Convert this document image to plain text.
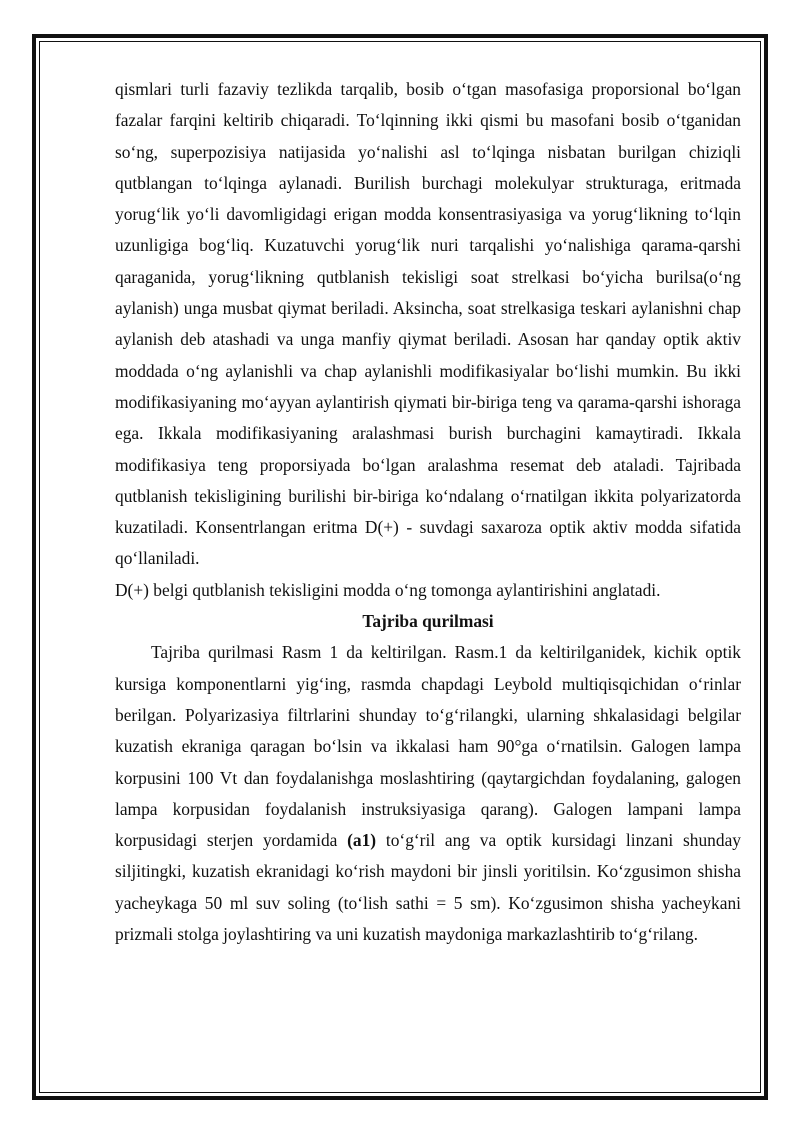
qismlari turli fazaviy tezlikda tarqalib, bosib o‘tgan masofasiga proporsional bo‘lgan fazalar farqini keltirib chiqaradi. To‘lqinning ikki qismi bu masofani bosib o‘tganidan so‘ng, superpozisiya natijasida yo‘nalishi asl to‘lqinga nisbatan burilgan chiziqli qutblangan to‘lqinga aylanadi. Burilish burchagi molekulyar strukturaga, eritmada yorug‘lik yo‘li davomligidagi erigan modda konsentrasiyasiga va yorug‘likning to‘lqin uzunligiga bog‘liq. Kuzatuvchi yorug‘lik nuri tarqalishi yo‘nalishiga qarama-qarshi qaraganida, yorug‘likning qutblanish tekisligi soat strelkasi bo‘yicha burilsa(o‘ng aylanish) unga musbat qiymat beriladi. Aksincha, soat strelkasiga teskari aylanishni chap aylanish deb atashadi va unga manfiy qiymat beriladi. Asosan har qanday optik aktiv moddada o‘ng aylanishli va chap aylanishli modifikasiyalar bo‘lishi mumkin. Bu ikki modifikasiyaning mo‘ayyan aylantirish qiymati bir-biriga teng va qarama-qarshi ishoraga ega. Ikkala modifikasiyaning aralashmasi burish burchagini kamaytiradi. Ikkala modifikasiya teng proporsiyada bo‘lgan aralashma resemat deb ataladi. Tajribada qutblanish tekisligining burilishi bir-biriga ko‘ndalang o‘rnatilgan ikkita polyarizatorda kuzatiladi. Konsentrlangan eritma D(+) - suvdagi saxaroza optik aktiv modda sifatida qo‘llaniladi.

D(+) belgi qutblanish tekisligini modda o‘ng tomonga aylantirishini anglatadi.

Tajriba qurilmasi

Tajriba qurilmasi Rasm 1 da keltirilgan. Rasm.1 da keltirilganidek, kichik optik kursiga komponentlarni yig‘ing, rasmda chapdagi Leybold multiqisqichidan o‘rinlar berilgan. Polyarizasiya filtrlarini shunday to‘g‘rilangki, ularning shkalasidagi belgilar kuzatish ekraniga qaragan bo‘lsin va ikkalasi ham 90°ga o‘rnatilsin. Galogen lampa korpusini 100 Vt dan foydalanishga moslashtiring (qaytargichdan foydalaning, galogen lampa korpusidan foydalanish instruksiyasiga qarang). Galogen lampani lampa korpusidagi sterjen yordamida (a1) to‘g‘ril ang va optik kursidagi linzani shunday siljitingki, kuzatish ekranidagi ko‘rish maydoni bir jinsli yoritilsin. Ko‘zgusimon shisha yacheykaga 50 ml suv soling (to‘lish sathi = 5 sm). Ko‘zgusimon shisha yacheykani prizmali stolga joylashtiring va uni kuzatish maydoniga markazlashtirib to‘g‘rilang.
